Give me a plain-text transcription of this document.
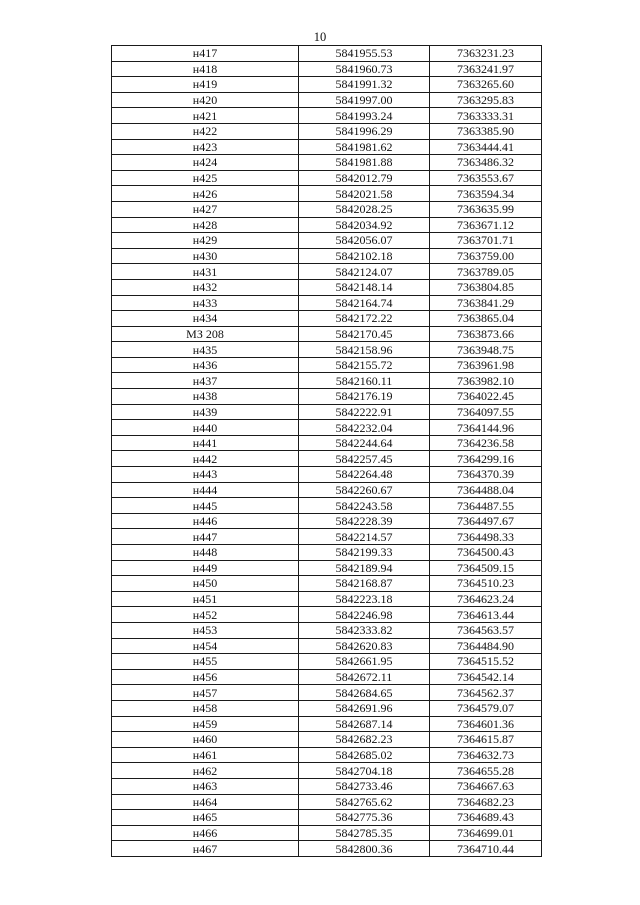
10
н417	5841955.53	7363231.23
н418	5841960.73	7363241.97
н419	5841991.32	7363265.60
н420	5841997.00	7363295.83
н421	5841993.24	7363333.31
н422	5841996.29	7363385.90
н423	5841981.62	7363444.41
н424	5841981.88	7363486.32
н425	5842012.79	7363553.67
н426	5842021.58	7363594.34
н427	5842028.25	7363635.99
н428	5842034.92	7363671.12
н429	5842056.07	7363701.71
н430	5842102.18	7363759.00
н431	5842124.07	7363789.05
н432	5842148.14	7363804.85
н433	5842164.74	7363841.29
н434	5842172.22	7363865.04
МЗ 208	5842170.45	7363873.66
н435	5842158.96	7363948.75
н436	5842155.72	7363961.98
н437	5842160.11	7363982.10
н438	5842176.19	7364022.45
н439	5842222.91	7364097.55
н440	5842232.04	7364144.96
н441	5842244.64	7364236.58
н442	5842257.45	7364299.16
н443	5842264.48	7364370.39
н444	5842260.67	7364488.04
н445	5842243.58	7364487.55
н446	5842228.39	7364497.67
н447	5842214.57	7364498.33
н448	5842199.33	7364500.43
н449	5842189.94	7364509.15
н450	5842168.87	7364510.23
н451	5842223.18	7364623.24
н452	5842246.98	7364613.44
н453	5842333.82	7364563.57
н454	5842620.83	7364484.90
н455	5842661.95	7364515.52
н456	5842672.11	7364542.14
н457	5842684.65	7364562.37
н458	5842691.96	7364579.07
н459	5842687.14	7364601.36
н460	5842682.23	7364615.87
н461	5842685.02	7364632.73
н462	5842704.18	7364655.28
н463	5842733.46	7364667.63
н464	5842765.62	7364682.23
н465	5842775.36	7364689.43
н466	5842785.35	7364699.01
н467	5842800.36	7364710.44
